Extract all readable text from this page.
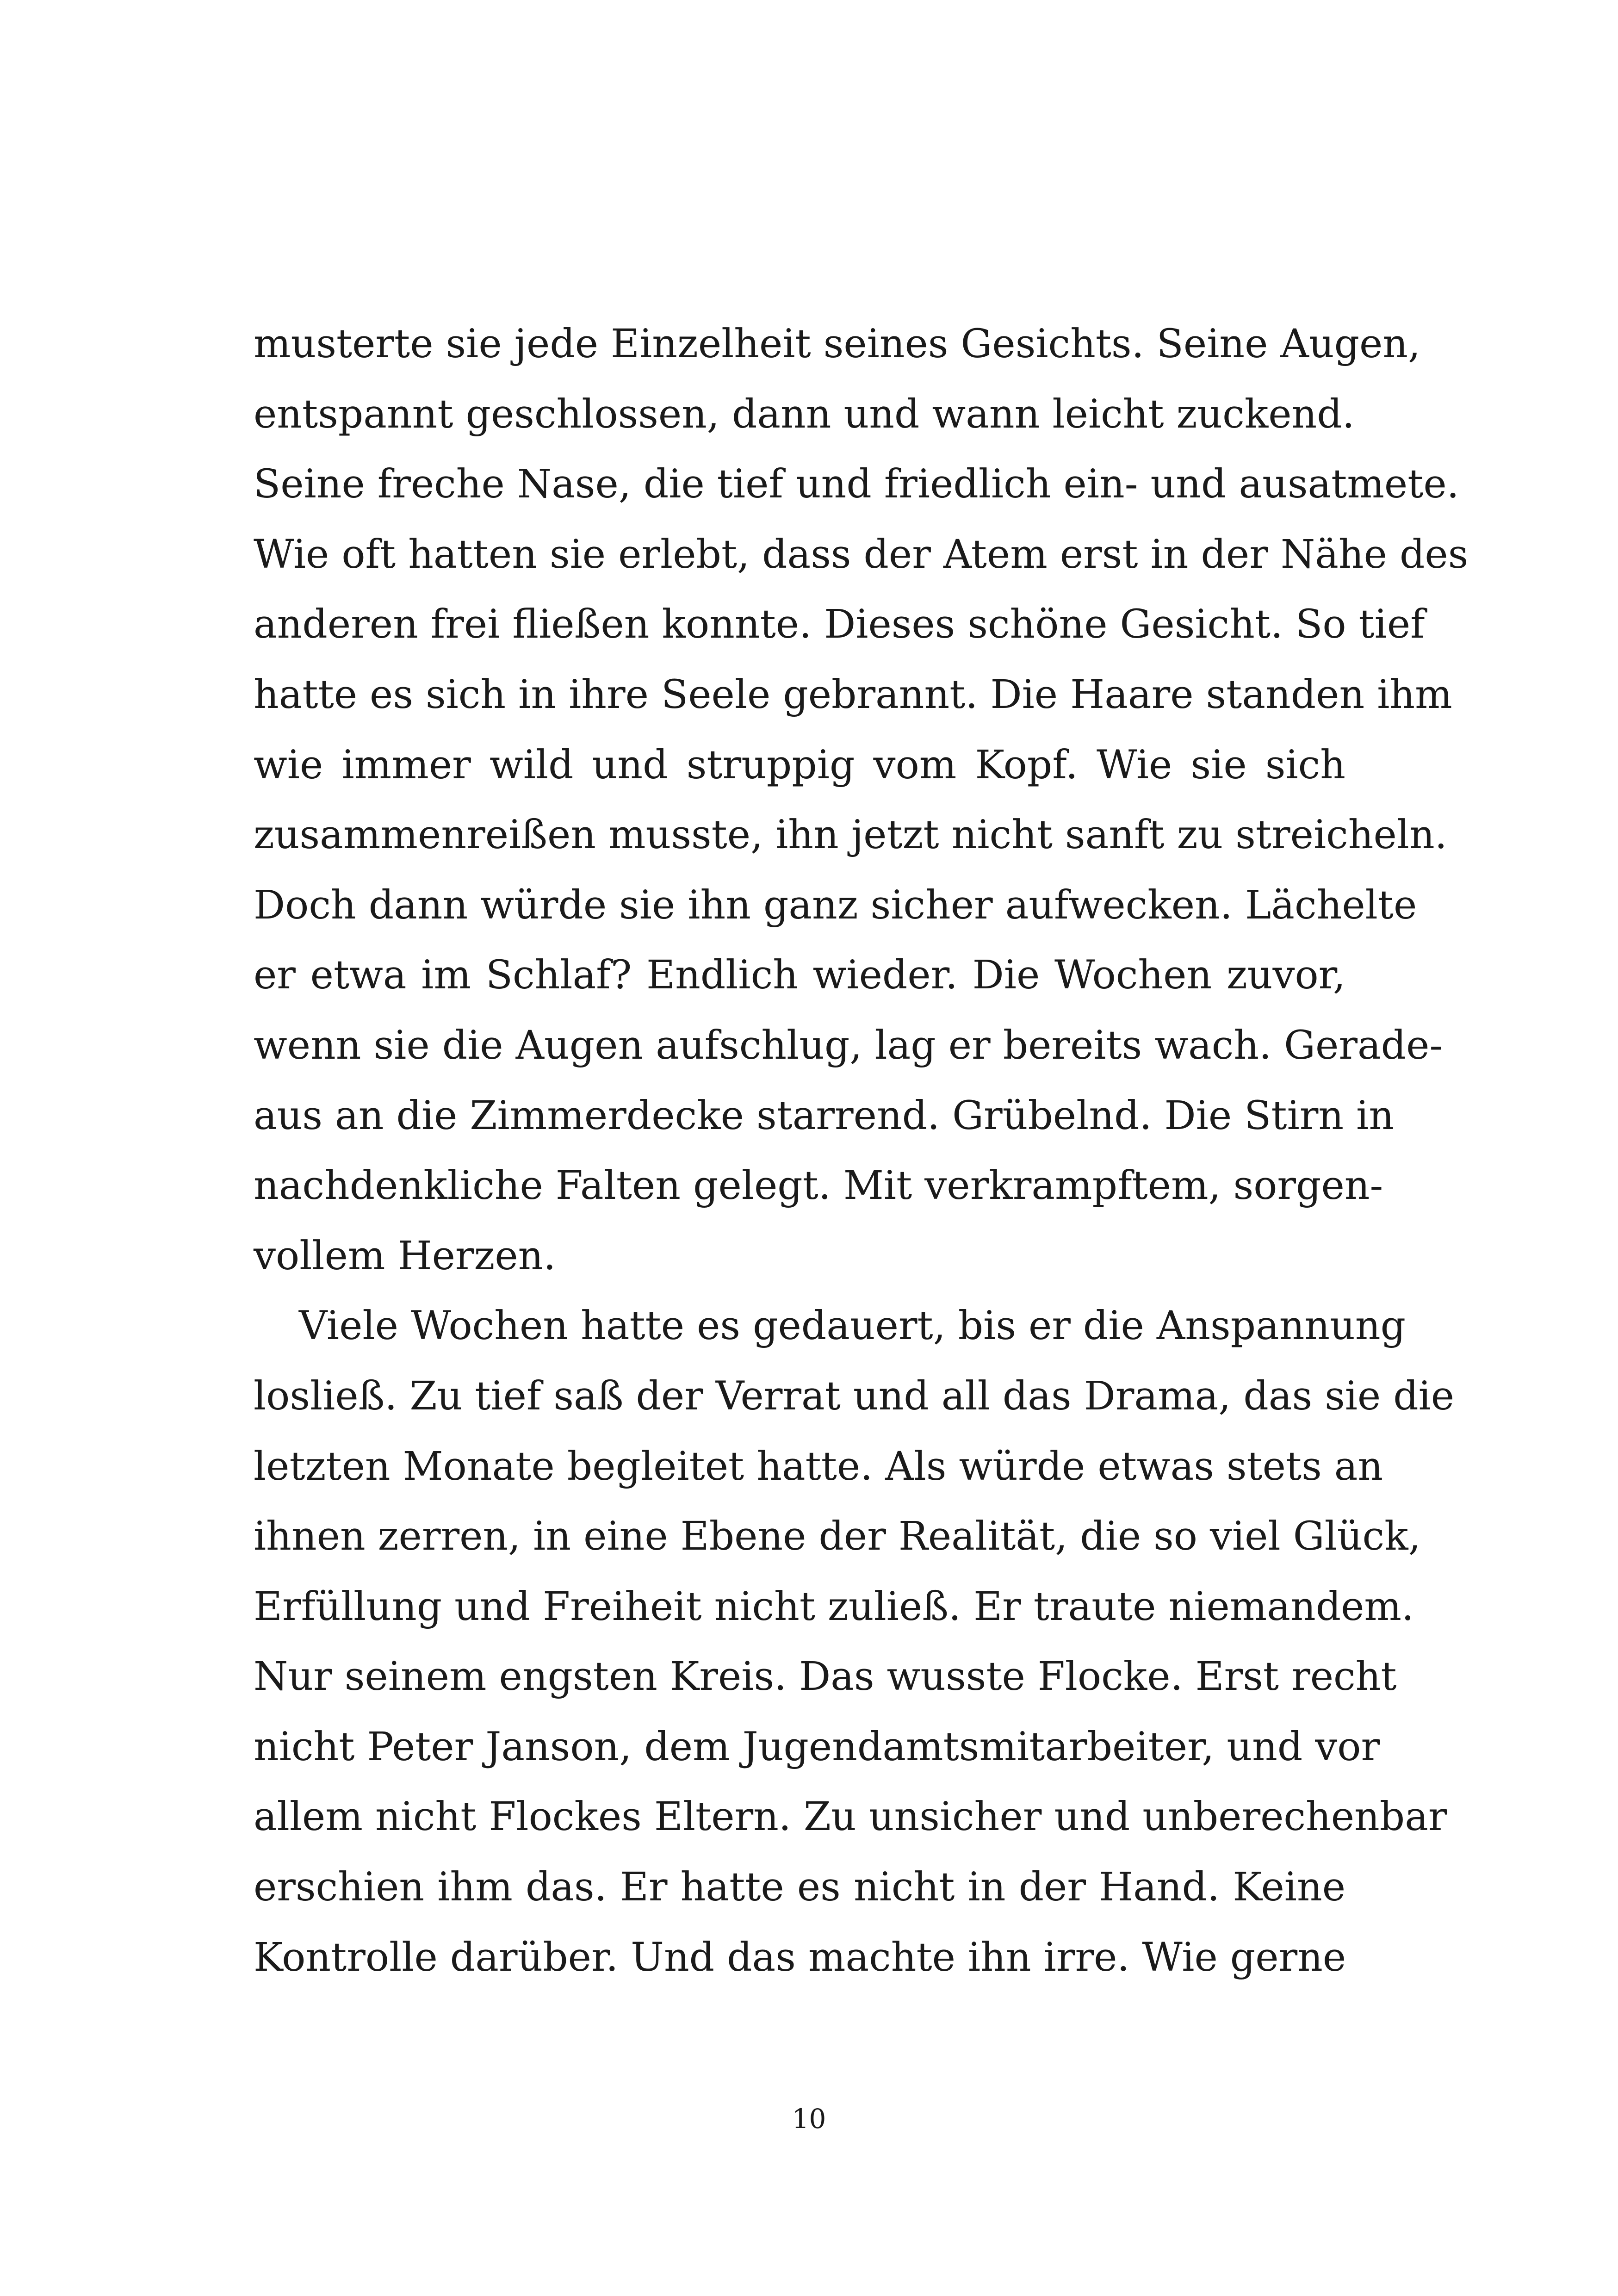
musterte sie jede Einzelheit seines Gesichts. Seine Augen,
entspannt geschlossen, dann und wann leicht zuckend.
Seine freche Nase, die tief und friedlich ein- und ausatmete.
Wie oft hatten sie erlebt, dass der Atem erst in der Nähe des
anderen frei fließen konnte. Dieses schöne Gesicht. So tief
hatte es sich in ihre Seele gebrannt. Die Haare standen ihm
wie immer wild und struppig vom Kopf. Wie sie sich
zusammenreißen musste, ihn jetzt nicht sanft zu streicheln.
Doch dann würde sie ihn ganz sicher aufwecken. Lächelte
er etwa im Schlaf? Endlich wieder. Die Wochen zuvor,
wenn sie die Augen aufschlug, lag er bereits wach. Gerade-
aus an die Zimmerdecke starrend. Grübelnd. Die Stirn in
nachdenkliche Falten gelegt. Mit verkrampftem, sorgen-
vollem Herzen.
Viele Wochen hatte es gedauert, bis er die Anspannung
losließ. Zu tief saß der Verrat und all das Drama, das sie die
letzten Monate begleitet hatte. Als würde etwas stets an
ihnen zerren, in eine Ebene der Realität, die so viel Glück,
Erfüllung und Freiheit nicht zuließ. Er traute niemandem.
Nur seinem engsten Kreis. Das wusste Flocke. Erst recht
nicht Peter Janson, dem Jugendamtsmitarbeiter, und vor
allem nicht Flockes Eltern. Zu unsicher und unberechenbar
erschien ihm das. Er hatte es nicht in der Hand. Keine
Kontrolle darüber. Und das machte ihn irre. Wie gerne
10
